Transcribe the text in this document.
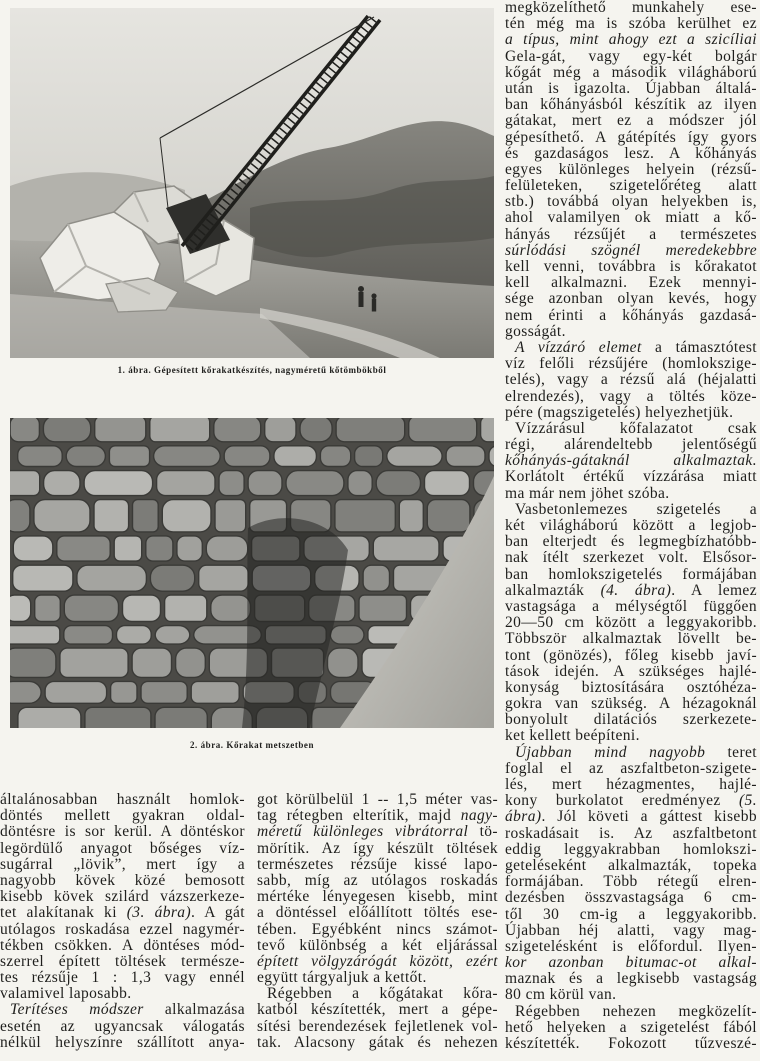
1. ábra. Gépesített kőrakatkészítés, nagyméretű kőtömbökből
2. ábra. Kőrakat metszetben
általánosabban használt homlok-
döntés mellett gyakran oldal-
döntésre is sor kerül. A döntéskor
legördülő anyagot bőséges víz-
sugárral „lövik”, mert így a
nagyobb kövek közé bemosott
kisebb kövek szilárd vázszerkeze-
tet alakítanak ki (3. ábra). A gát
utólagos roskadása ezzel nagymér-
tékben csökken. A döntéses mód-
szerrel épített töltések természe-
tes rézsűje 1 : 1,3 vagy ennél
valamivel laposabb.
Terítéses módszer alkalmazása
esetén az ugyancsak válogatás
nélkül helyszínre szállított anya-
got körülbelül 1 -- 1,5 méter vas-
tag rétegben elterítik, majd nagy-
méretű különleges vibrátorral tö-
mörítik. Az így készült töltések
természetes rézsűje kissé lapo-
sabb, míg az utólagos roskadás
mértéke lényegesen kisebb, mint
a döntéssel előállított töltés ese-
tében. Egyébként nincs számot-
tevő különbség a két eljárással
épített völgyzárógát között, ezért
együtt tárgyaljuk a kettőt.
Régebben a kőgátakat kőra-
katból készítették, mert a gépe-
sítési berendezések fejletlenek vol-
tak. Alacsony gátak és nehezen
megközelíthető munkahely ese-
tén még ma is szóba kerülhet ez
a típus, mint ahogy ezt a szicíliai
Gela-gát, vagy egy-két bolgár
kőgát még a második világháború
után is igazolta. Újabban általá-
ban kőhányásból készítik az ilyen
gátakat, mert ez a módszer jól
gépesíthető. A gátépítés így gyors
és gazdaságos lesz. A kőhányás
egyes különleges helyein (rézsű-
felületeken, szigetelőréteg alatt
stb.) továbbá olyan helyekben is,
ahol valamilyen ok miatt a kő-
hányás rézsűjét a természetes
súrlódási szögnél meredekebbre
kell venni, továbbra is kőrakatot
kell alkalmazni. Ezek mennyi-
sége azonban olyan kevés, hogy
nem érinti a kőhányás gazdasá-
gosságát.
A vízzáró elemet a támasztótest
víz felőli rézsűjére (homlokszige-
telés), vagy a rézsű alá (héjalatti
elrendezés), vagy a töltés köze-
pére (magszigetelés) helyezhetjük.
Vízzárásul kőfalazatot csak
régi, alárendeltebb jelentőségű
kőhányás-gátaknál alkalmaztak.
Korlátolt értékű vízzárása miatt
ma már nem jöhet szóba.
Vasbetonlemezes szigetelés a
két világháború között a legjob-
ban elterjedt és legmegbízhatóbb-
nak ítélt szerkezet volt. Elsősor-
ban homlokszigetelés formájában
alkalmazták (4. ábra). A lemez
vastagsága a mélységtől függően
20—50 cm között a leggyakoribb.
Többször alkalmaztak lövellt be-
tont (gönözés), főleg kisebb javí-
tások idején. A szükséges hajlé-
konyság biztosítására osztóhéza-
gokra van szükség. A hézagoknál
bonyolult dilatációs szerkezete-
ket kellett beépíteni.
Újabban mind nagyobb teret
foglal el az aszfaltbeton-szigete-
lés, mert hézagmentes, hajlé-
kony burkolatot eredményez (5.
ábra). Jól követi a gáttest kisebb
roskadásait is. Az aszfaltbetont
eddig leggyakrabban homlokszi-
geteléseként alkalmazták, topeka
formájában. Több rétegű elren-
dezésben összvastagsága 6 cm-
től 30 cm-ig a leggyakoribb.
Újabban héj alatti, vagy mag-
szigetelésként is előfordul. Ilyen-
kor azonban bitumac-ot alkal-
maznak és a legkisebb vastagság
80 cm körül van.
Régebben nehezen megközelít-
hető helyeken a szigetelést fából
készítették. Fokozott tűzveszé-
